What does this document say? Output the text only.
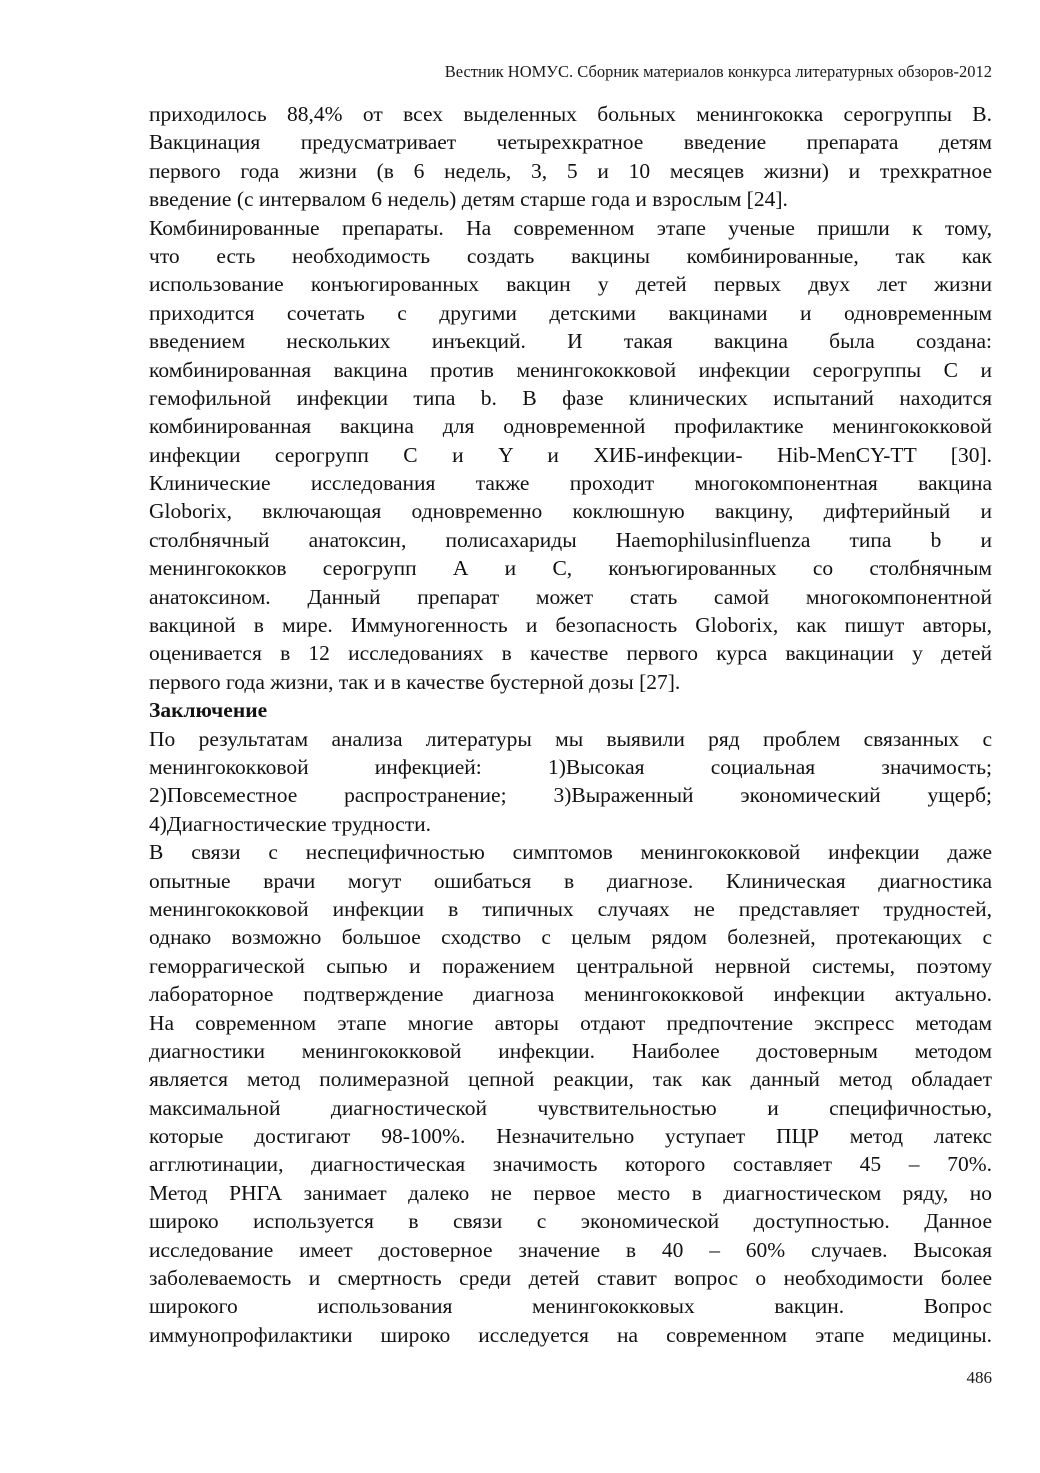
Вестник НОМУС. Сборник материалов конкурса литературных обзоров-2012
приходилось 88,4% от всех выделенных больных менингококка серогруппы В.
Вакцинация предусматривает четырехкратное введение препарата детям
первого года жизни (в 6 недель, 3, 5 и 10 месяцев жизни) и трехкратное
введение (с интервалом 6 недель) детям старше года и взрослым [24].
Комбинированные препараты. На современном этапе ученые пришли к тому,
что есть необходимость создать вакцины комбинированные, так как
использование конъюгированных вакцин у детей первых двух лет жизни
приходится сочетать с другими детскими вакцинами и одновременным
введением нескольких инъекций. И такая вакцина была создана:
комбинированная вакцина против менингококковой инфекции серогруппы С и
гемофильной инфекции типа b. В фазе клинических испытаний находится
комбинированная вакцина для одновременной профилактике менингококковой
инфекции серогрупп С и Y и ХИБ-инфекции- Hib-MenCY-TT [30].
Клинические исследования также проходит многокомпонентная вакцина
Globorix, включающая одновременно коклюшную вакцину, дифтерийный и
столбнячный анатоксин, полисахариды Haemophilusinfluenza типа b и
менингококков серогрупп А и С, конъюгированных со столбнячным
анатоксином. Данный препарат может стать самой многокомпонентной
вакциной в мире. Иммуногенность и безопасность Globorix, как пишут авторы,
оценивается в 12 исследованиях в качестве первого курса вакцинации у детей
первого года жизни, так и в качестве бустерной дозы [27].
Заключение
По результатам анализа литературы мы выявили ряд проблем связанных с
менингококковой инфекцией: 1)Высокая социальная значимость;
2)Повсеместное распространение; 3)Выраженный экономический ущерб;
4)Диагностические трудности.
В связи с неспецифичностью симптомов менингококковой инфекции даже
опытные врачи могут ошибаться в диагнозе. Клиническая диагностика
менингококковой инфекции в типичных случаях не представляет трудностей,
однако возможно большое сходство с целым рядом болезней, протекающих с
геморрагической сыпью и поражением центральной нервной системы, поэтому
лабораторное подтверждение диагноза менингококковой инфекции актуально.
На современном этапе многие авторы отдают предпочтение экспресс методам
диагностики менингококковой инфекции. Наиболее достоверным методом
является метод полимеразной цепной реакции, так как данный метод обладает
максимальной диагностической чувствительностью и специфичностью,
которые достигают 98-100%. Незначительно уступает ПЦР метод латекс
агглютинации, диагностическая значимость которого составляет 45 – 70%.
Метод РНГА занимает далеко не первое место в диагностическом ряду, но
широко используется в связи с экономической доступностью. Данное
исследование имеет достоверное значение в 40 – 60% случаев. Высокая
заболеваемость и смертность среди детей ставит вопрос о необходимости более
широкого использования менингококковых вакцин. Вопрос
иммунопрофилактики широко исследуется на современном этапе медицины.
486
